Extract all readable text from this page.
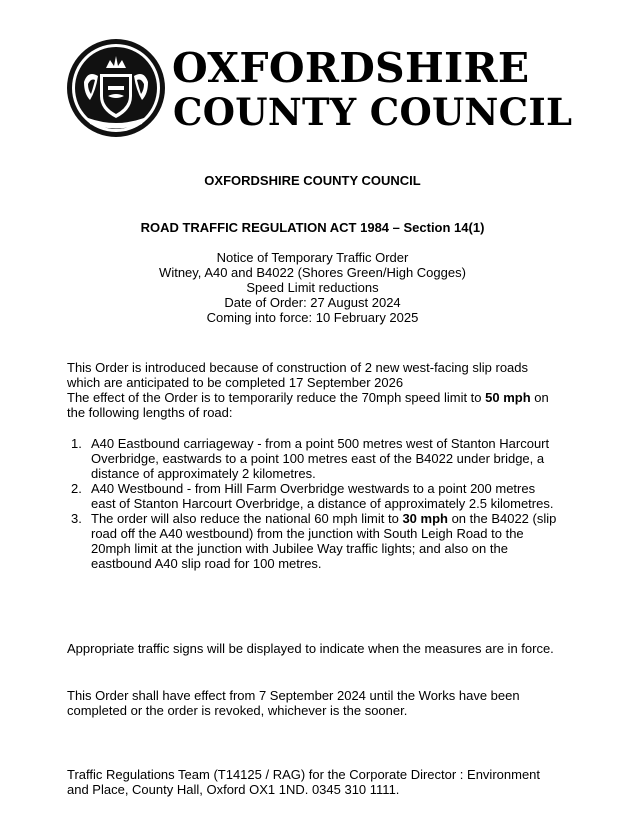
OXFORDSHIRE
COUNTY COUNCIL
OXFORDSHIRE COUNTY COUNCIL
ROAD TRAFFIC REGULATION ACT 1984 – Section 14(1)
Notice of Temporary Traffic Order
Witney, A40 and B4022 (Shores Green/High Cogges)
Speed Limit reductions
Date of Order: 27 August 2024
Coming into force: 10 February 2025
This Order is introduced because of construction of 2 new west-facing slip roads which are anticipated to be completed 17 September 2026
The effect of the Order is to temporarily reduce the 70mph speed limit to 50 mph on the following lengths of road:
1. A40 Eastbound carriageway - from a point 500 metres west of Stanton Harcourt Overbridge, eastwards to a point 100 metres east of the B4022 under bridge, a distance of approximately 2 kilometres.
2. A40 Westbound - from Hill Farm Overbridge westwards to a point 200 metres east of Stanton Harcourt Overbridge, a distance of approximately 2.5 kilometres.
3. The order will also reduce the national 60 mph limit to 30 mph on the B4022 (slip road off the A40 westbound) from the junction with South Leigh Road to the 20mph limit at the junction with Jubilee Way traffic lights; and also on the eastbound A40 slip road for 100 metres.
Appropriate traffic signs will be displayed to indicate when the measures are in force.
This Order shall have effect from 7 September 2024 until the Works have been completed or the order is revoked, whichever is the sooner.
Traffic Regulations Team (T14125 / RAG) for the Corporate Director : Environment and Place, County Hall, Oxford OX1 1ND. 0345 310 1111.
